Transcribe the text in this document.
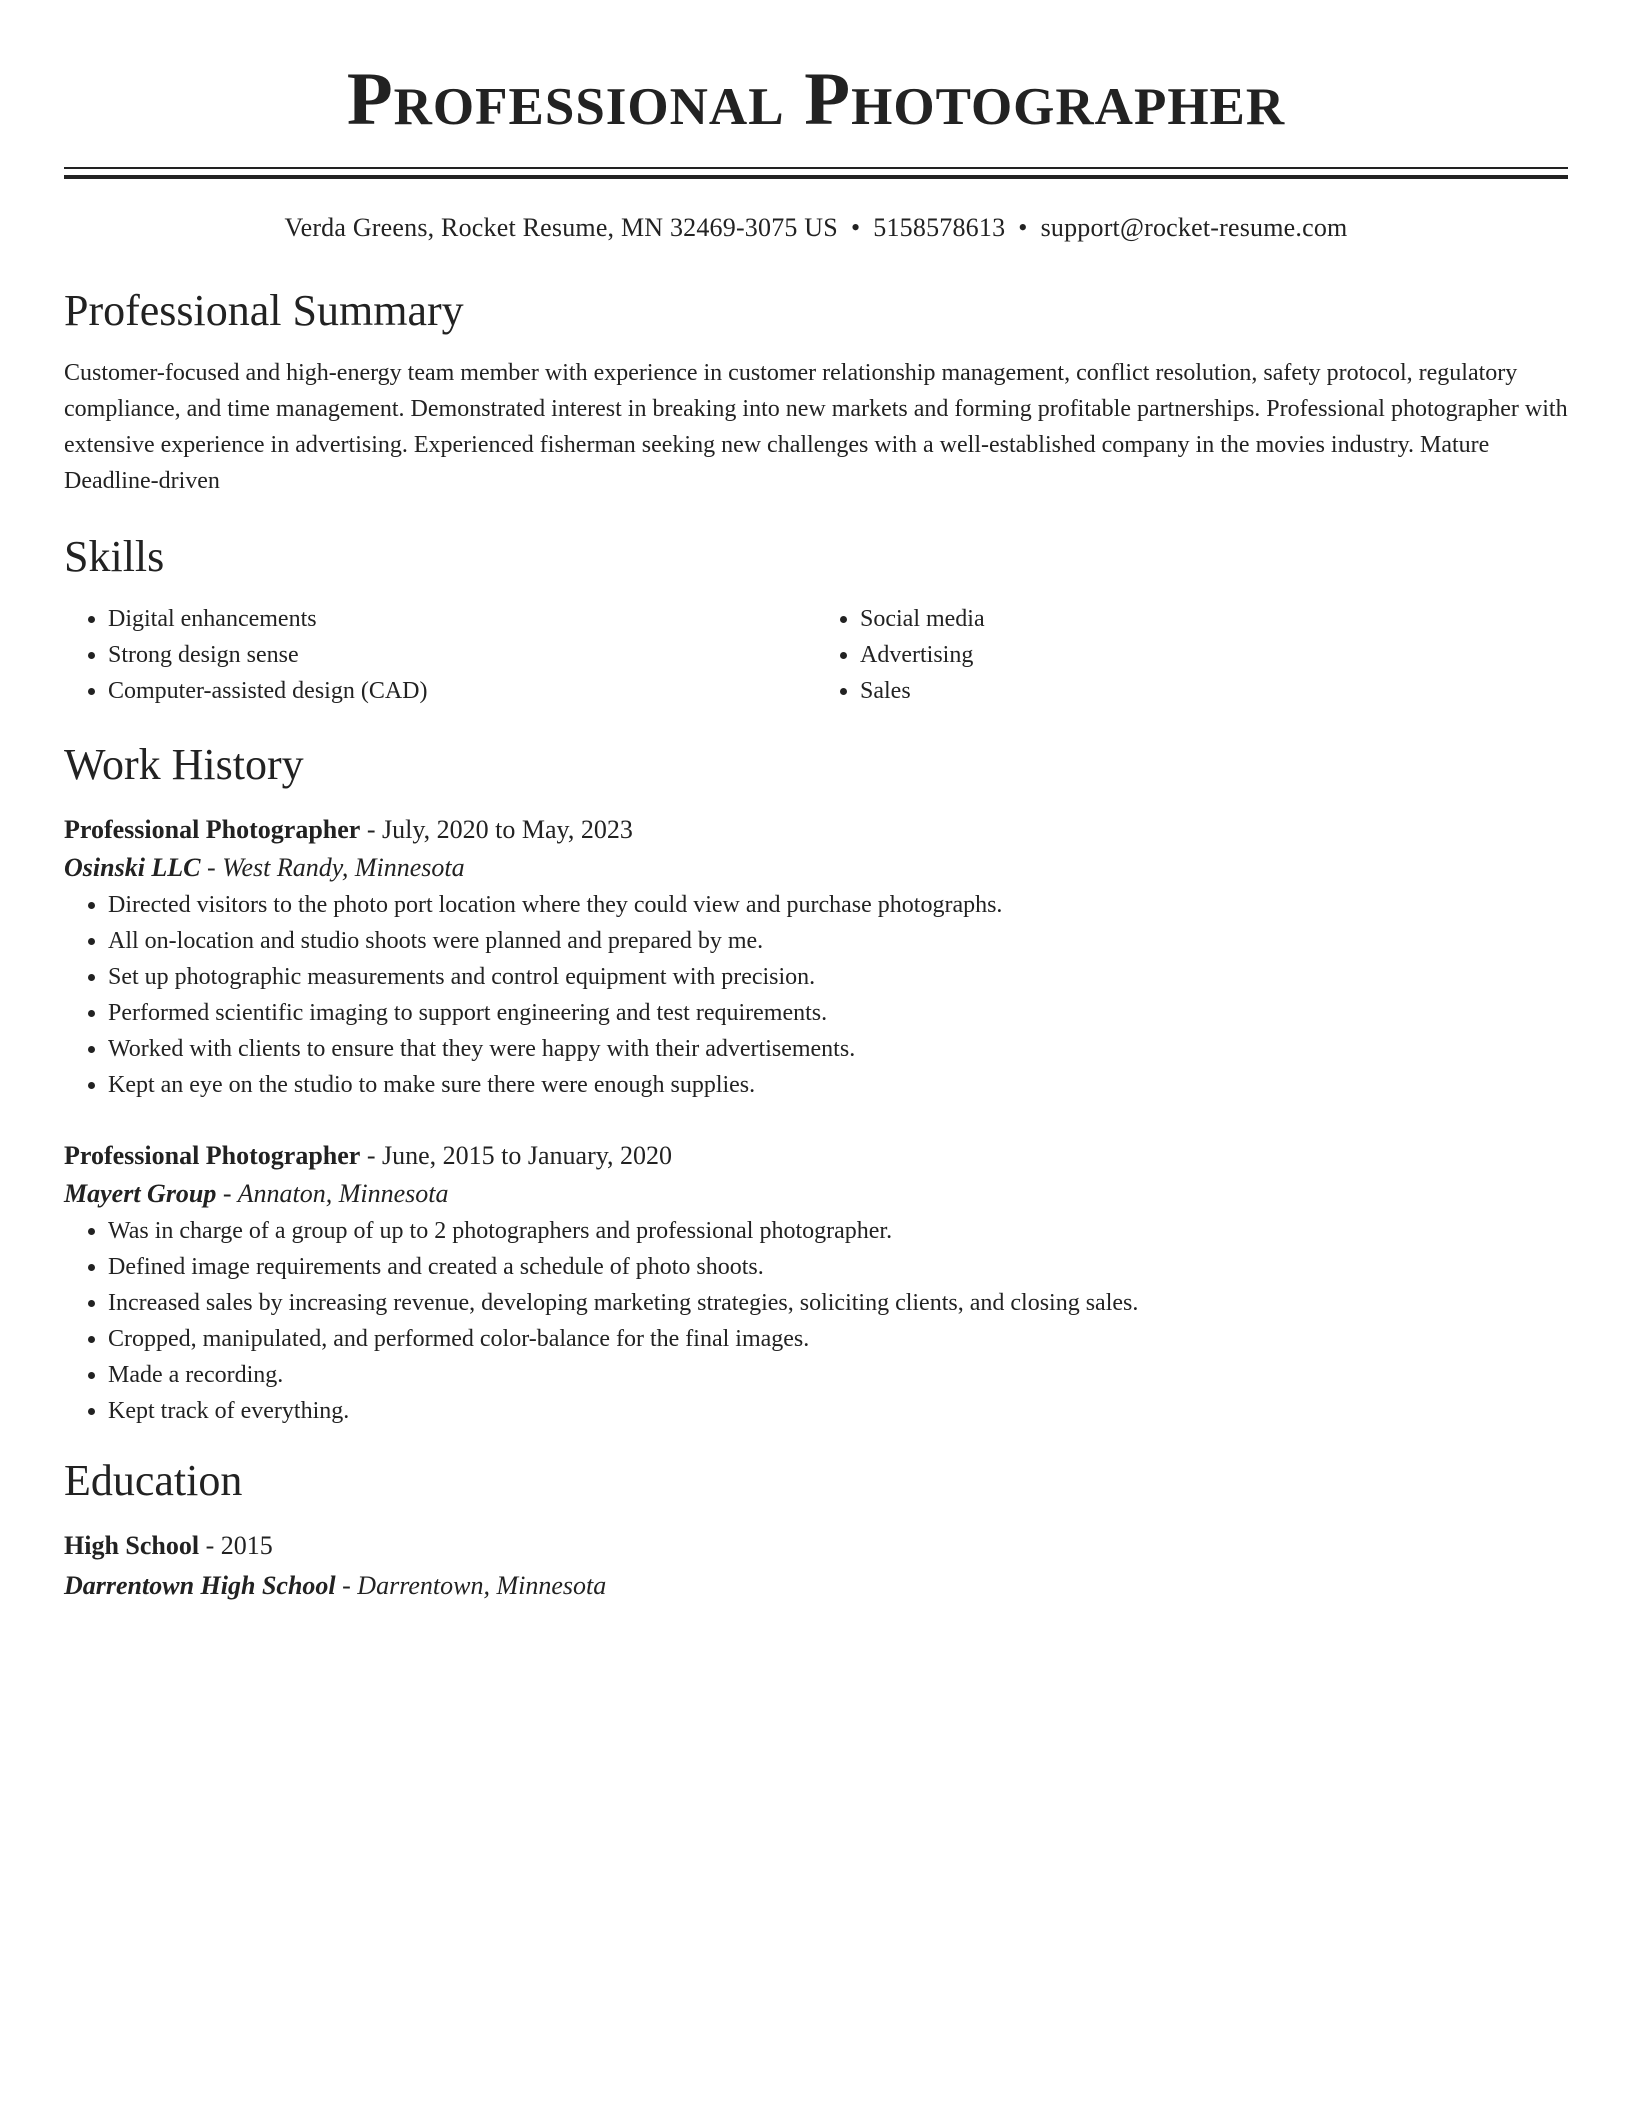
Professional Photographer
Verda Greens, Rocket Resume, MN 32469-3075 US • 5158578613 • support@rocket-resume.com
Professional Summary

Customer-focused and high-energy team member with experience in customer relationship management, conflict resolution, safety protocol, regulatory compliance, and time management. Demonstrated interest in breaking into new markets and forming profitable partnerships. Professional photographer with extensive experience in advertising. Experienced fisherman seeking new challenges with a well-established company in the movies industry. Mature Deadline-driven

Skills
• Digital enhancements
• Strong design sense
• Computer-assisted design (CAD)
• Social media
• Advertising
• Sales
Work History
Professional Photographer - July, 2020 to May, 2023
Osinski LLC - West Randy, Minnesota
• Directed visitors to the photo port location where they could view and purchase photographs.
• All on-location and studio shoots were planned and prepared by me.
• Set up photographic measurements and control equipment with precision.
• Performed scientific imaging to support engineering and test requirements.
• Worked with clients to ensure that they were happy with their advertisements.
• Kept an eye on the studio to make sure there were enough supplies.
Professional Photographer - June, 2015 to January, 2020
Mayert Group - Annaton, Minnesota
• Was in charge of a group of up to 2 photographers and professional photographer.
• Defined image requirements and created a schedule of photo shoots.
• Increased sales by increasing revenue, developing marketing strategies, soliciting clients, and closing sales.
• Cropped, manipulated, and performed color-balance for the final images.
• Made a recording.
• Kept track of everything.
Education
High School - 2015
Darrentown High School - Darrentown, Minnesota
